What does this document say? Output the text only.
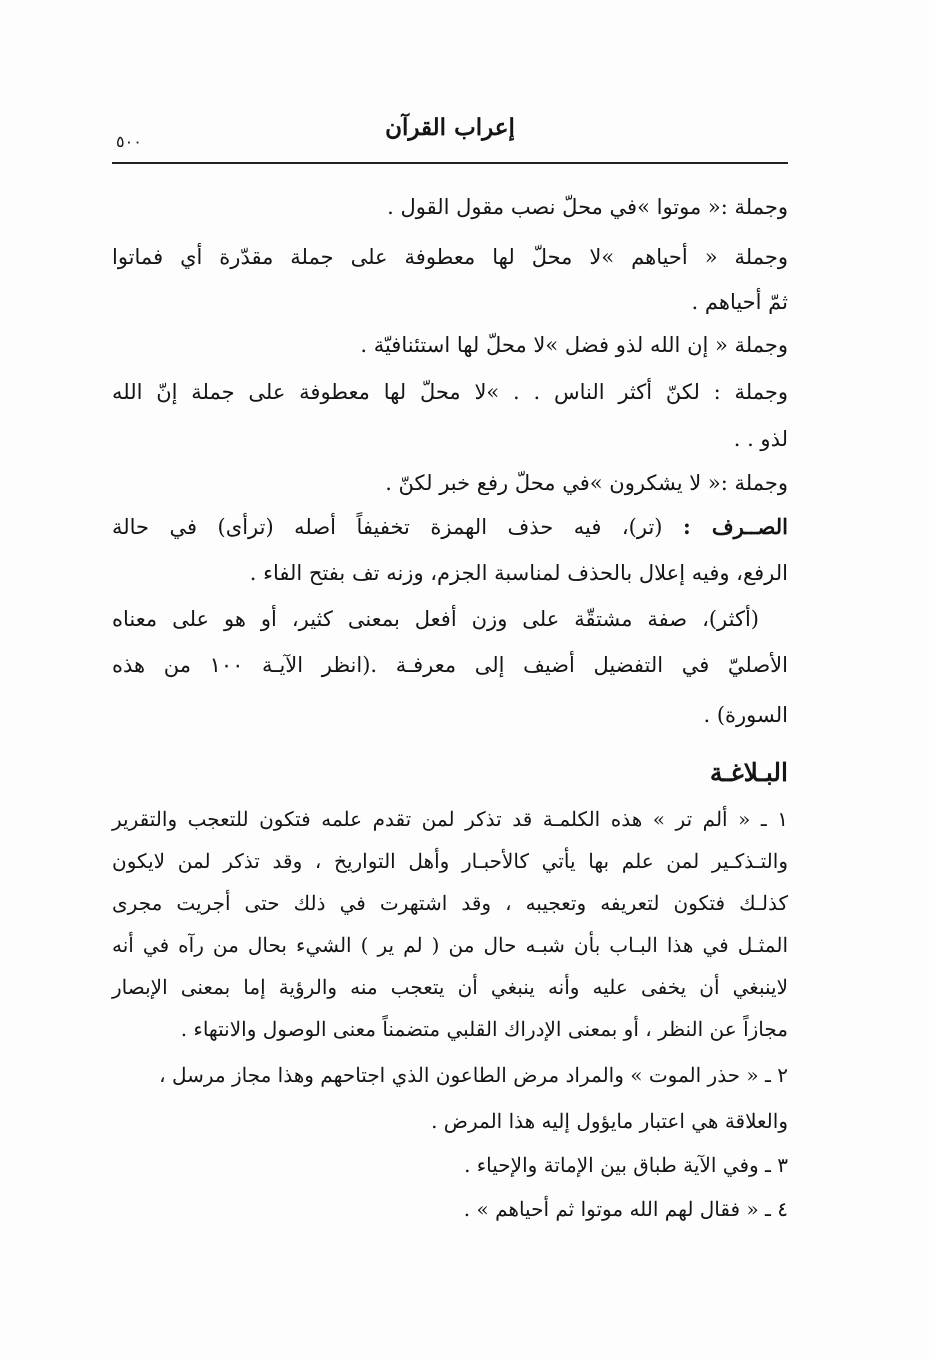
٥٠٠
إعراب القرآن
وجملة :« موتوا »في محلّ نصب مقول القول .
وجملة « أحياهم »لا محلّ لها معطوفة على جملة مقدّرة أي فماتوا
ثمّ أحياهم .
وجملة « إن الله لذو فضل »لا محلّ لها استئنافيّة .
وجملة : لكنّ أكثر الناس . . »لا محلّ لها معطوفة على جملة إنّ الله
لذو . .
وجملة :« لا يشكرون »في محلّ رفع خبر لكنّ .
الصــرف : (تر)، فيه حذف الهمزة تخفيفاً أصله (ترأى) في حالة
الرفع، وفيه إعلال بالحذف لمناسبة الجزم، وزنه تف بفتح الفاء .
(أكثر)، صفة مشتقّة على وزن أفعل بمعنى كثير، أو هو على معناه
الأصليّ في التفضيل أضيف إلى معرفـة .(انظر الآيـة ١٠٠ من هذه
السورة) .
البـلاغـة
١ ـ « ألم تر » هذه الكلمـة قد تذكر لمن تقدم علمه فتكون للتعجب والتقرير
والتـذكـير لمن علم بها يأتي كالأحبـار وأهل التواريخ ، وقد تذكر لمن لايكون
كذلـك فتكون لتعريفه وتعجيبه ، وقد اشتهرت في ذلك حتى أجريت مجرى
المثـل في هذا البـاب بأن شبـه حال من ( لم ير ) الشيء بحال من رآه في أنه
لاينبغي أن يخفى عليه وأنه ينبغي أن يتعجب منه والرؤية إما بمعنى الإبصار
مجازاً عن النظر ، أو بمعنى الإدراك القلبي متضمناً معنى الوصول والانتهاء .
٢ ـ « حذر الموت » والمراد مرض الطاعون الذي اجتاحهم وهذا مجاز مرسل ،
والعلاقة هي اعتبار مايؤول إليه هذا المرض .
٣ ـ وفي الآية طباق بين الإماتة والإحياء .
٤ ـ « فقال لهم الله موتوا ثم أحياهم » .
